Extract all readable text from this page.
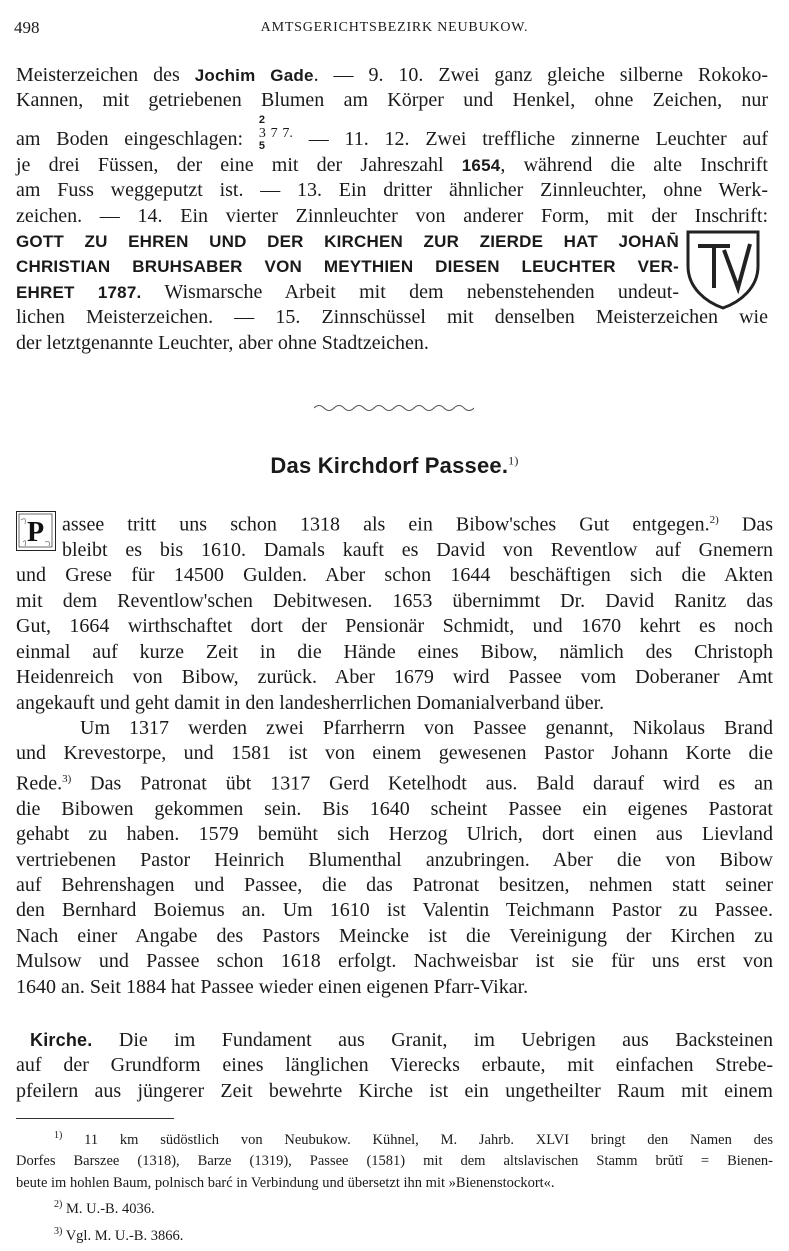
498	AMTSGERICHTSBEZIRK NEUBUKOW.

Meisterzeichen des Jochim Gade. — 9. 10. Zwei ganz gleiche silberne Rokoko-

Kannen, mit getriebenen Blumen am Körper und Henkel, ohne Zeichen, nur

am Boden eingeschlagen:
2
3 7 7.
5	— 11. 12. Zwei treffliche zinnerne Leuchter auf

je drei Füssen, der eine mit der Jahreszahl 1654, während die alte Inschrift

am Fuss weggeputzt ist. — 13. Ein dritter ähnlicher Zinnleuchter, ohne Werk-

zeichen. — 14. Ein vierter Zinnleuchter von anderer Form, mit der Inschrift:

GOTT ZU EHREN UND DER KIRCHEN ZUR ZIERDE HAT JOHAN̄

CHRISTIAN BRUHSABER VON MEYTHIEN DIESEN LEUCHTER VER-

EHRET 1787. Wismarsche Arbeit mit dem nebenstehenden undeut-

lichen Meisterzeichen. — 15. Zinnschüssel mit denselben Meisterzeichen wie

der letztgenannte Leuchter, aber ohne Stadtzeichen.

Das Kirchdorf Passee.$^{1)}$
P assee tritt uns schon 1318 als ein Bibow'sches Gut entgegen.$^{2)}$ Das

bleibt es bis 1610. Damals kauft es David von Reventlow auf Gnemern

und Grese für 14500 Gulden. Aber schon 1644 beschäftigen sich die Akten

mit dem Reventlow'schen Debitwesen. 1653 übernimmt Dr. David Ranitz das

Gut, 1664 wirthschaftet dort der Pensionär Schmidt, und 1670 kehrt es noch

einmal auf kurze Zeit in die Hände eines Bibow, nämlich des Christoph

Heidenreich von Bibow, zurück. Aber 1679 wird Passee vom Doberaner Amt

angekauft und geht damit in den landesherrlichen Domanialverband über.

Um 1317 werden zwei Pfarrherrn von Passee genannt, Nikolaus Brand

und Krevestorpe, und 1581 ist von einem gewesenen Pastor Johann Korte die

Rede.$^{3)}$ Das Patronat übt 1317 Gerd Ketelhodt aus. Bald darauf wird es an

die Bibowen gekommen sein. Bis 1640 scheint Passee ein eigenes Pastorat

gehabt zu haben. 1579 bemüht sich Herzog Ulrich, dort einen aus Lievland

vertriebenen Pastor Heinrich Blumenthal anzubringen. Aber die von Bibow

auf Behrenshagen und Passee, die das Patronat besitzen, nehmen statt seiner

den Bernhard Boiemus an. Um 1610 ist Valentin Teichmann Pastor zu Passee.

Nach einer Angabe des Pastors Meincke ist die Vereinigung der Kirchen zu

Mulsow und Passee schon 1618 erfolgt. Nachweisbar ist sie für uns erst von

1640 an. Seit 1884 hat Passee wieder einen eigenen Pfarr-Vikar.

Kirche. Die im Fundament aus Granit, im Uebrigen aus Backsteinen

auf der Grundform eines länglichen Vierecks erbaute, mit einfachen Strebe-

pfeilern aus jüngerer Zeit bewehrte Kirche ist ein ungetheilter Raum mit einem

$^{1)}$ 11 km südöstlich von Neubukow. Kühnel, M. Jahrb. XLVI bringt den Namen des

Dorfes Barszee (1318), Barze (1319), Passee (1581) mit dem altslavischen Stamm brŭtĭ = Bienen-

beute im hohlen Baum, polnisch barć in Verbindung und übersetzt ihn mit »Bienenstockort«.

$^{2)}$ M. U.-B. 4036.

$^{3)}$ Vgl. M. U.-B. 3866.
